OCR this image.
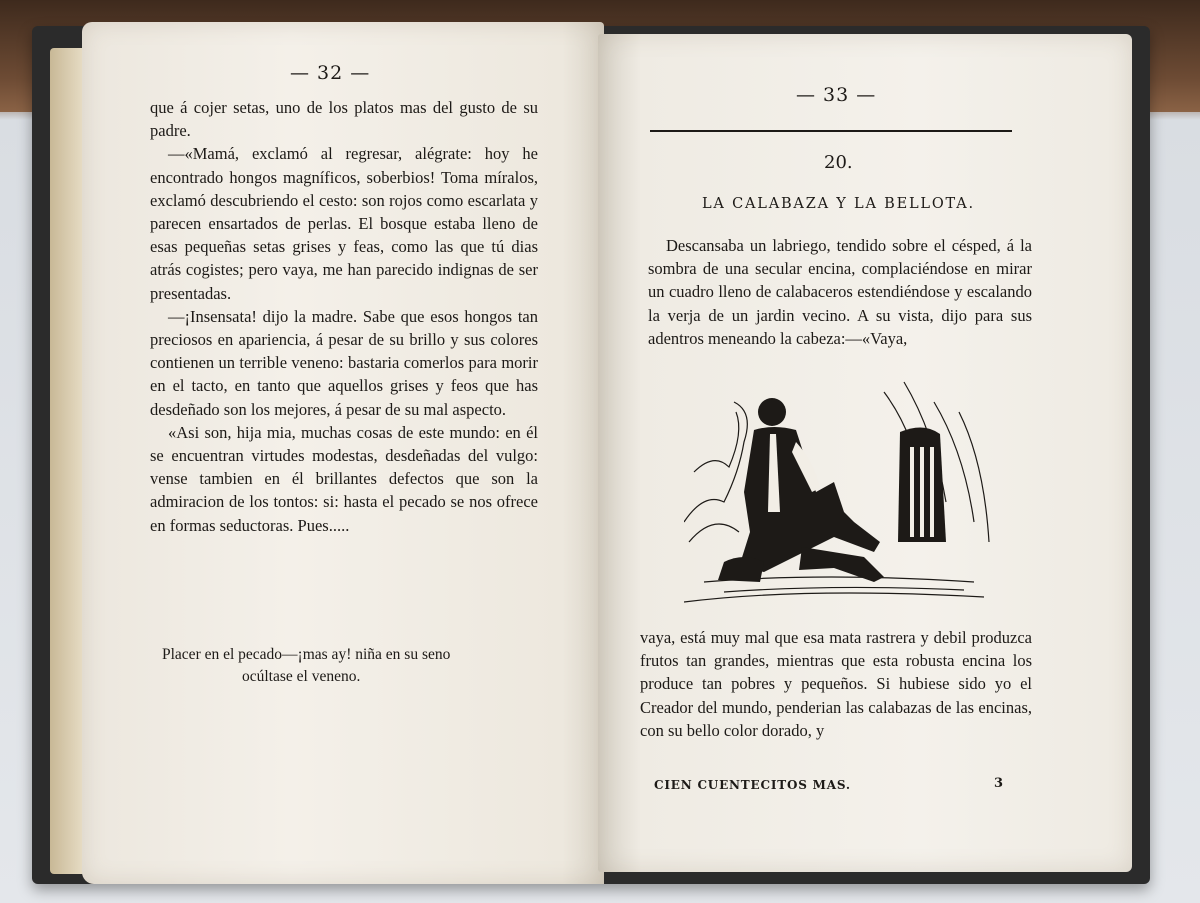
— 32 —

que á cojer setas, uno de los platos mas del gusto de su padre.

—«Mamá, exclamó al regresar, alégrate: hoy he encontrado hongos magníficos, soberbios! Toma míralos, exclamó descubriendo el cesto: son rojos como escarlata y parecen ensartados de perlas. El bosque estaba lleno de esas pequeñas setas grises y feas, como las que tú dias atrás cogistes; pero vaya, me han parecido indignas de ser presentadas.

—¡Insensata! dijo la madre. Sabe que esos hongos tan preciosos en apariencia, á pesar de su brillo y sus colores contienen un terrible veneno: bastaria comerlos para morir en el tacto, en tanto que aquellos grises y feos que has desdeñado son los mejores, á pesar de su mal aspecto.

«Asi son, hija mia, muchas cosas de este mundo: en él se encuentran virtudes modestas, desdeñadas del vulgo: vense tambien en él brillantes defectos que son la admiracion de los tontos: si: hasta el pecado se nos ofrece en formas seductoras. Pues.....

Placer en el pecado—¡mas ay! niña en su seno
ocúltase el veneno.
— 33 —
20.
LA CALABAZA Y LA BELLOTA.

Descansaba un labriego, tendido sobre el césped, á la sombra de una secular encina, complaciéndose en mirar un cuadro lleno de calabaceros estendiéndose y escalando la verja de un jardin vecino. A su vista, dijo para sus adentros meneando la cabeza:—«Vaya,

vaya, está muy mal que esa mata rastrera y debil produzca frutos tan grandes, mientras que esta robusta encina los produce tan pobres y pequeños. Si hubiese sido yo el Creador del mundo, penderian las calabazas de las encinas, con su bello color dorado, y

CIEN CUENTECITOS MAS.	3
